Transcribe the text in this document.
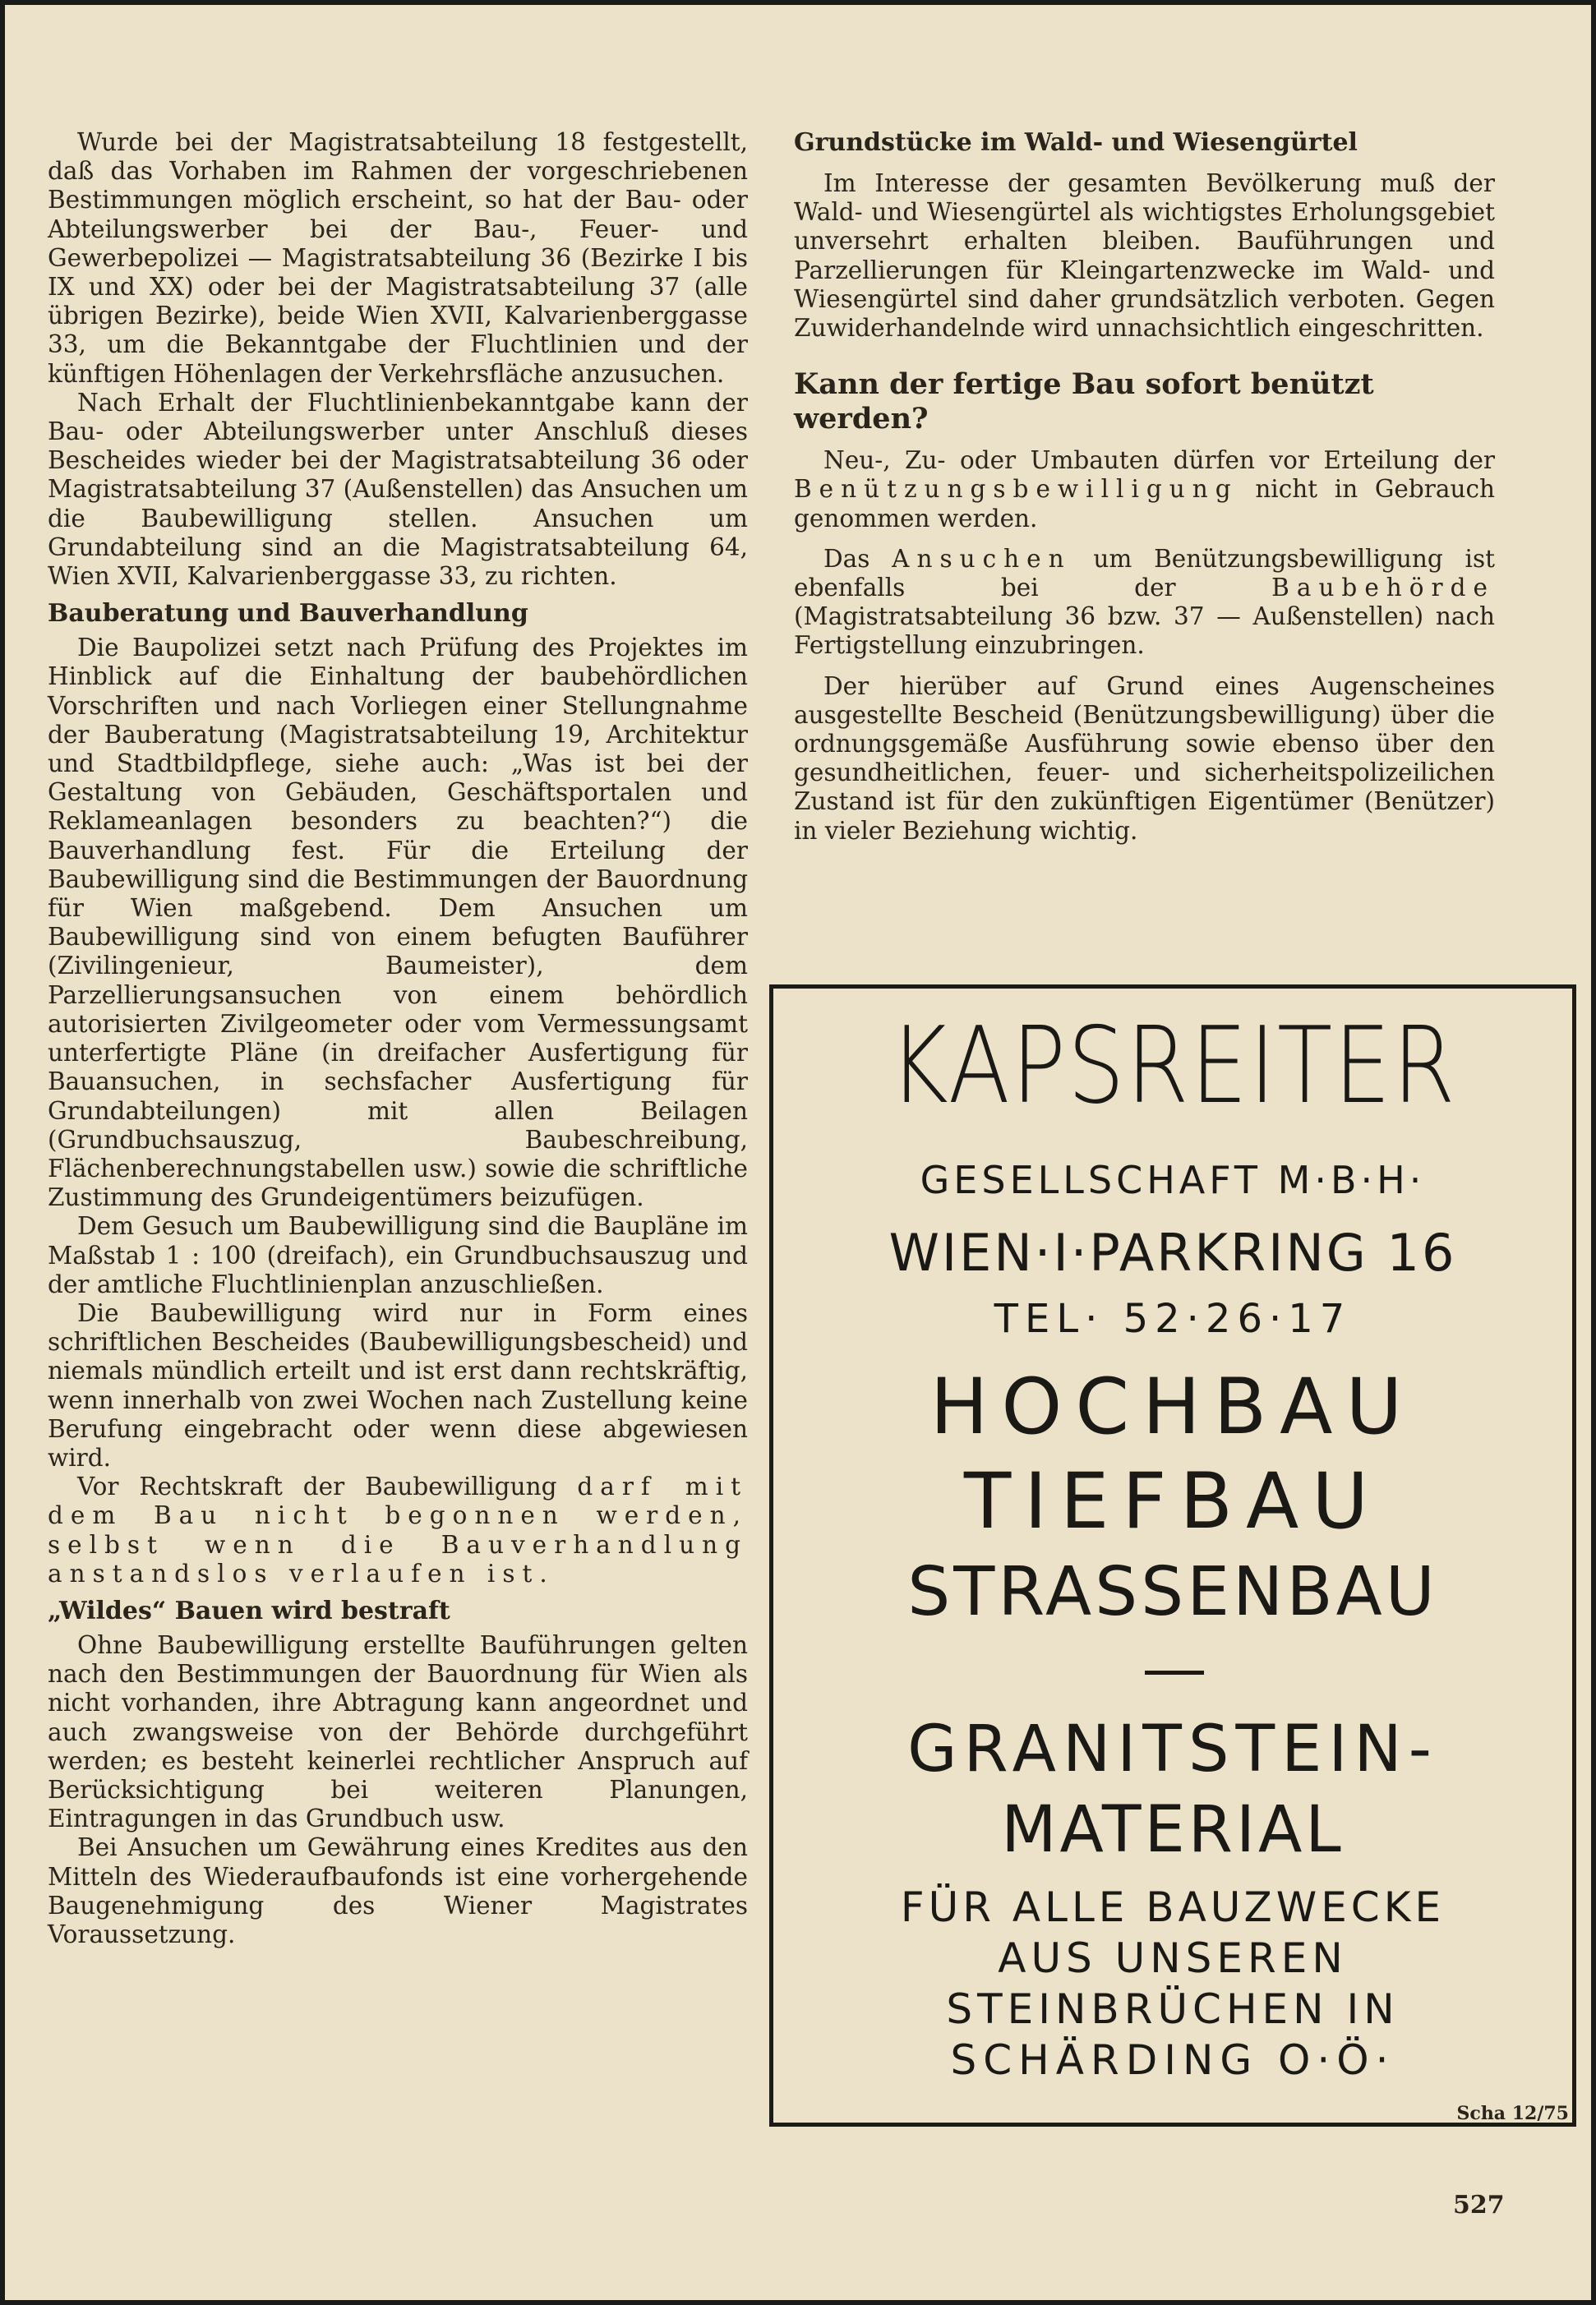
Wurde bei der Magistratsabteilung 18 festgestellt, daß das Vorhaben im Rahmen der vorgeschriebenen Bestimmungen möglich erscheint, so hat der Bau- oder Abteilungswerber bei der Bau-, Feuer- und Gewerbepolizei — Magistratsabteilung 36 (Bezirke I bis IX und XX) oder bei der Magistratsabteilung 37 (alle übrigen Bezirke), beide Wien XVII, Kalvarienberggasse 33, um die Bekanntgabe der Fluchtlinien und der künftigen Höhenlagen der Verkehrsfläche anzusuchen.

Nach Erhalt der Fluchtlinienbekanntgabe kann der Bau- oder Abteilungswerber unter Anschluß dieses Bescheides wieder bei der Magistratsabteilung 36 oder Magistratsabteilung 37 (Außenstellen) das Ansuchen um die Baubewilligung stellen. Ansuchen um Grundabteilung sind an die Magistratsabteilung 64, Wien XVII, Kalvarienberggasse 33, zu richten.

Bauberatung und Bauverhandlung

Die Baupolizei setzt nach Prüfung des Projektes im Hinblick auf die Einhaltung der baubehördlichen Vorschriften und nach Vorliegen einer Stellungnahme der Bauberatung (Magistratsabteilung 19, Architektur und Stadtbildpflege, siehe auch: „Was ist bei der Gestaltung von Gebäuden, Geschäftsportalen und Reklameanlagen besonders zu beachten?“) die Bauverhandlung fest. Für die Erteilung der Baubewilligung sind die Bestimmungen der Bauordnung für Wien maßgebend. Dem Ansuchen um Baubewilligung sind von einem befugten Bauführer (Zivilingenieur, Baumeister), dem Parzellierungsansuchen von einem behördlich autorisierten Zivilgeometer oder vom Vermessungsamt unterfertigte Pläne (in dreifacher Ausfertigung für Bauansuchen, in sechsfacher Ausfertigung für Grundabteilungen) mit allen Beilagen (Grundbuchsauszug, Baubeschreibung, Flächenberechnungstabellen usw.) sowie die schriftliche Zustimmung des Grundeigentümers beizufügen.

Dem Gesuch um Baubewilligung sind die Baupläne im Maßstab 1 : 100 (dreifach), ein Grundbuchsauszug und der amtliche Fluchtlinienplan anzuschließen.

Die Baubewilligung wird nur in Form eines schriftlichen Bescheides (Baubewilligungsbescheid) und niemals mündlich erteilt und ist erst dann rechtskräftig, wenn innerhalb von zwei Wochen nach Zustellung keine Berufung eingebracht oder wenn diese abgewiesen wird.

Vor Rechtskraft der Baubewilligung darf mit dem Bau nicht begonnen werden, selbst wenn die Bauverhandlung anstandslos verlaufen ist.

„Wildes“ Bauen wird bestraft

Ohne Baubewilligung erstellte Bauführungen gelten nach den Bestimmungen der Bauordnung für Wien als nicht vorhanden, ihre Abtragung kann angeordnet und auch zwangsweise von der Behörde durchgeführt werden; es besteht keinerlei rechtlicher Anspruch auf Berücksichtigung bei weiteren Planungen, Eintragungen in das Grundbuch usw.

Bei Ansuchen um Gewährung eines Kredites aus den Mitteln des Wiederaufbaufonds ist eine vorhergehende Baugenehmigung des Wiener Magistrates Voraussetzung.

Grundstücke im Wald- und Wiesengürtel

Im Interesse der gesamten Bevölkerung muß der Wald- und Wiesengürtel als wichtigstes Erholungsgebiet unversehrt erhalten bleiben. Bauführungen und Parzellierungen für Kleingartenzwecke im Wald- und Wiesengürtel sind daher grundsätzlich verboten. Gegen Zuwiderhandelnde wird unnachsichtlich eingeschritten.

Kann der fertige Bau sofort benützt werden?

Neu-, Zu- oder Umbauten dürfen vor Erteilung der Benützungsbewilligung nicht in Gebrauch genommen werden.

Das Ansuchen um Benützungsbewilligung ist ebenfalls bei der	Baubehörde (Magistratsabteilung 36 bzw. 37 — Außenstellen) nach Fertigstellung einzubringen.

Der hierüber auf Grund eines Augenscheines ausgestellte Bescheid (Benützungsbewilligung) über die ordnungsgemäße Ausführung sowie ebenso über den gesundheitlichen, feuer- und sicherheitspolizeilichen Zustand ist für den zukünftigen Eigentümer (Benützer) in vieler Beziehung wichtig.

KAPSREITER
GESELLSCHAFT M·B·H·
WIEN·I·PARKRING 16
TEL· 52·26·17
HOCHBAU
TIEFBAU
STRASSENBAU
GRANITSTEIN-
MATERIAL
FÜR ALLE BAUZWECKE
AUS UNSEREN
STEINBRÜCHEN IN
SCHÄRDING O·Ö·
Scha 12/75
527
